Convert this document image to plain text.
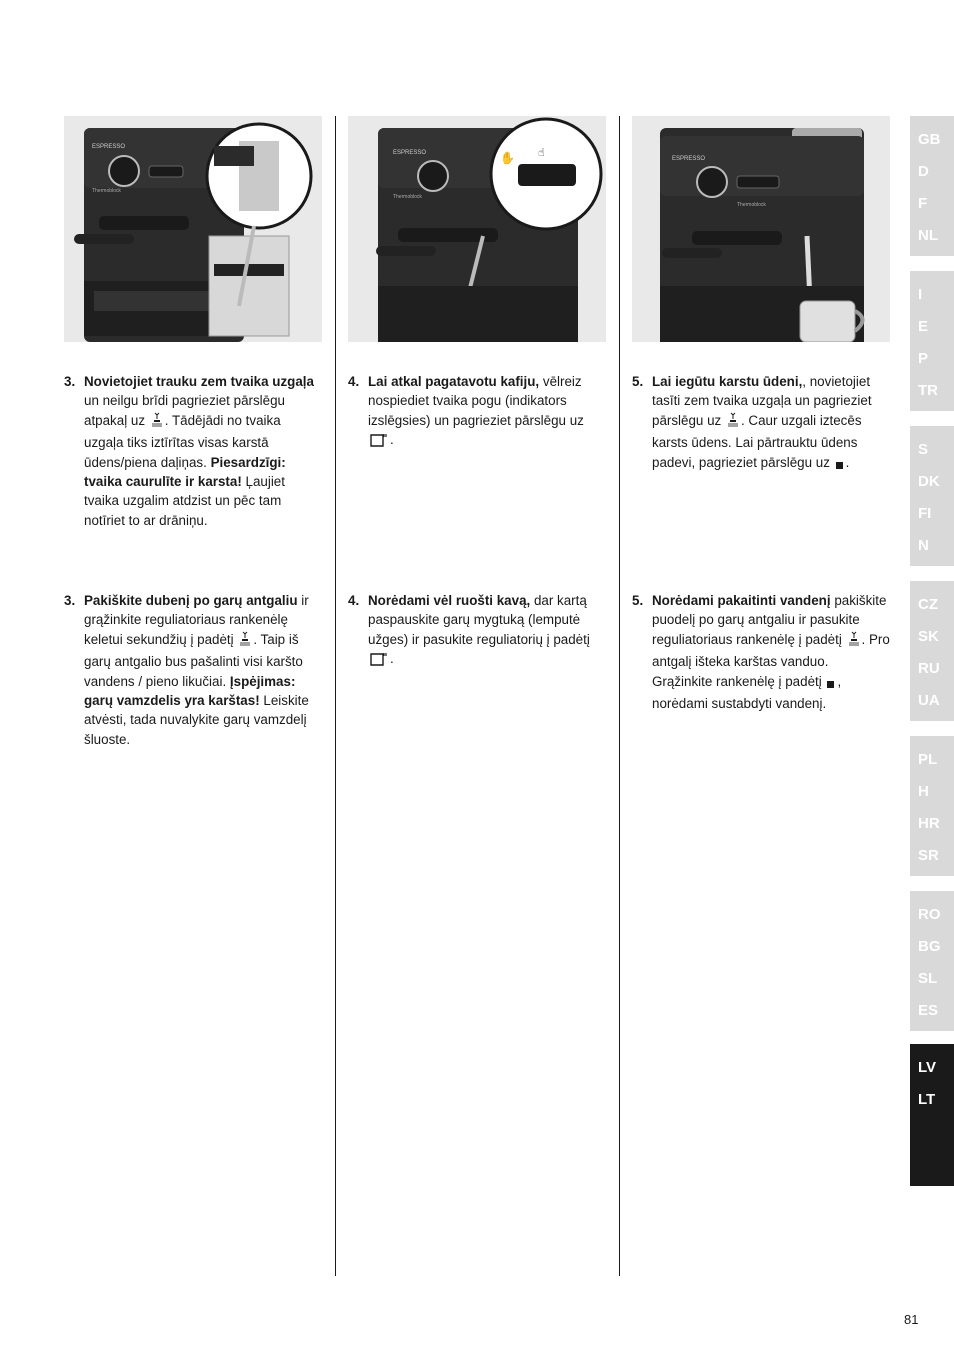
ESPRESSO
Thermoblock
ESPRESSO
Thermoblock
✋ ☝	ESPRESSO
Thermoblock
3. Novietojiet trauku zem tvaika uzgaļa un neilgu brīdi pagrieziet pārslēgu atpakaļ uz . Tādējādi no tvaika uzgaļa tiks iztīrītas visas karstā ūdens/piena daļiņas. Piesardzīgi: tvaika caurulīte ir karsta! Ļaujiet tvaika uzgalim atdzist un pēc tam notīriet to ar drāniņu.

4. Lai atkal pagatavotu kafiju, vēlreiz nospiediet tvaika pogu (indikators izslēgsies) un pagrieziet pārslēgu uz .

5. Lai iegūtu karstu ūdeni,, novietojiet tasīti zem tvaika uzgaļa un pagrieziet pārslēgu uz . Caur uzgali iztecēs karsts ūdens. Lai pārtrauktu ūdens padevi, pagrieziet pārslēgu uz .

3. Pakiškite dubenį po garų antgaliu ir grąžinkite reguliatoriaus rankenėlę keletui sekundžių į padėtį . Taip iš garų antgalio bus pašalinti visi karšto vandens / pieno likučiai. Įspėjimas: garų vamzdelis yra karštas! Leiskite atvėsti, tada nuvalykite garų vamzdelį šluoste.

4. Norėdami vėl ruošti kavą, dar kartą paspauskite garų mygtuką (lemputė užges) ir pasukite reguliatorių į padėtį .

5. Norėdami pakaitinti vandenį pakiškite puodelį po garų antgaliu ir pasukite reguliatoriaus rankenėlę į padėtį . Pro antgalį išteka karštas vanduo. Grąžinkite rankenėlę į padėtį , norėdami sustabdyti vandenį.

GB
D
F
NL
I
E
P
TR
S
DK
FI
N
CZ
SK
RU
UA
PL
H
HR
SR
RO
BG
SL
ES
LV
LT
81
